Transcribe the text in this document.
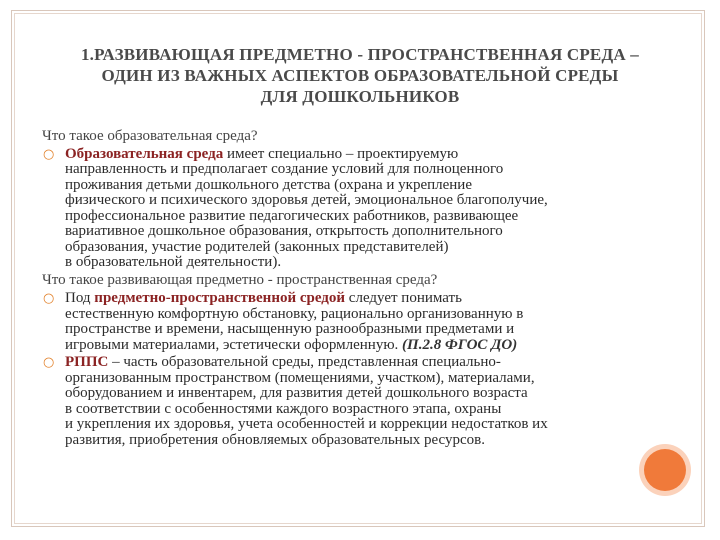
1.РАЗВИВАЮЩАЯ ПРЕДМЕТНО - ПРОСТРАНСТВЕННАЯ СРЕДА –
ОДИН ИЗ ВАЖНЫХ АСПЕКТОВ ОБРАЗОВАТЕЛЬНОЙ СРЕДЫ
ДЛЯ ДОШКОЛЬНИКОВ

Что такое образовательная среда?

○ Образовательная среда имеет специально – проектируемую
направленность и предполагает создание условий для полноценного
проживания детьми дошкольного детства (охрана и укрепление
физического и психического здоровья детей, эмоциональное благополучие,
профессиональное развитие педагогических работников, развивающее
вариативное дошкольное образования, открытость дополнительного
образования, участие родителей (законных представителей)
в образовательной деятельности).

Что такое развивающая предметно - пространственная среда?

○ Под предметно-пространственной средой следует понимать
естественную комфортную обстановку, рационально организованную в
пространстве и времени, насыщенную разнообразными предметами и
игровыми материалами, эстетически оформленную. (П.2.8 ФГОС ДО)
○ РППС – часть образовательной среды, представленная специально-
организованным пространством (помещениями, участком), материалами,
оборудованием и инвентарем, для развития детей дошкольного возраста
в соответствии с особенностями каждого возрастного этапа, охраны
и укрепления их здоровья, учета особенностей и коррекции недостатков их
развития, приобретения обновляемых образовательных ресурсов.
